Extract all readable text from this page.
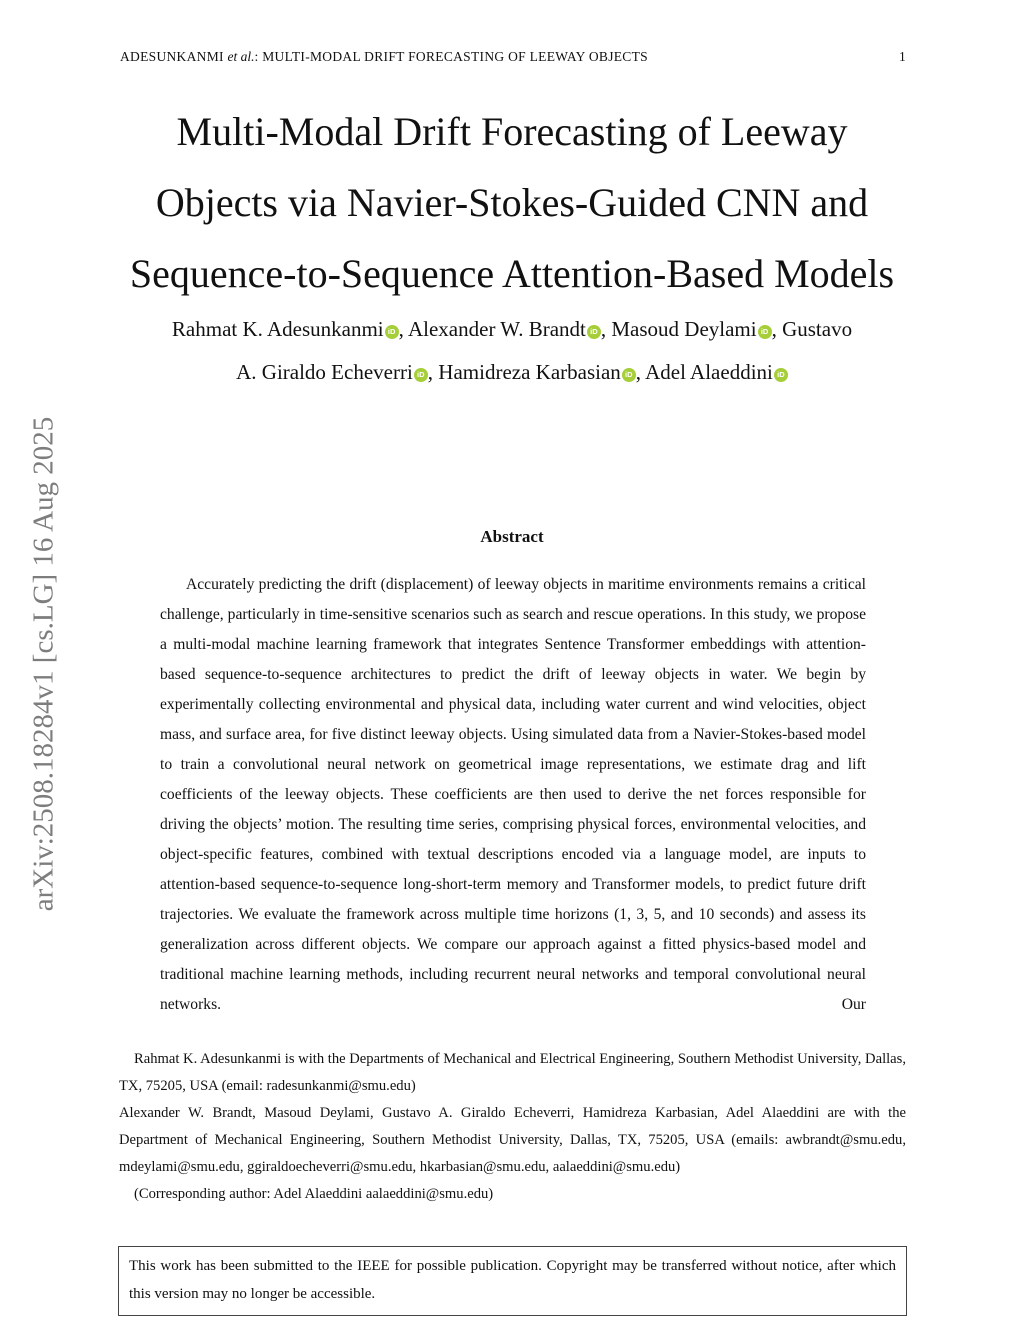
ADESUNKANMI et al.: MULTI-MODAL DRIFT FORECASTING OF LEEWAY OBJECTS	1
arXiv:2508.18284v1 [cs.LG] 16 Aug 2025
Multi-Modal Drift Forecasting of Leeway
Objects via Navier-Stokes-Guided CNN and
Sequence-to-Sequence Attention-Based Models
Rahmat K. Adesunkanmi iD , Alexander W. Brandt iD , Masoud Deylami iD , Gustavo
A. Giraldo Echeverri iD , Hamidreza Karbasian iD , Adel Alaeddini iD
Abstract

Accurately predicting the drift (displacement) of leeway objects in maritime environments remains a critical challenge, particularly in time-sensitive scenarios such as search and rescue operations. In this study, we propose a multi-modal machine learning framework that integrates Sentence Transformer embeddings with attention-based sequence-to-sequence architectures to predict the drift of leeway objects in water. We begin by experimentally collecting environmental and physical data, including water current and wind velocities, object mass, and surface area, for five distinct leeway objects. Using simulated data from a Navier-Stokes-based model to train a convolutional neural network on geometrical image representations, we estimate drag and lift coefficients of the leeway objects. These coefficients are then used to derive the net forces responsible for driving the objects’ motion. The resulting time series, comprising physical forces, environmental velocities, and object-specific features, combined with textual descriptions encoded via a language model, are inputs to attention-based sequence-to-sequence long-short-term memory and Transformer models, to predict future drift trajectories. We evaluate the framework across multiple time horizons (1, 3, 5, and 10 seconds) and assess its generalization across different objects. We compare our approach against a fitted physics-based model and traditional machine learning methods, including recurrent neural networks and temporal convolutional neural networks. Our

Rahmat K. Adesunkanmi is with the Departments of Mechanical and Electrical Engineering, Southern Methodist University, Dallas, TX, 75205, USA (email: radesunkanmi@smu.edu)

Alexander W. Brandt, Masoud Deylami, Gustavo A. Giraldo Echeverri, Hamidreza Karbasian, Adel Alaeddini are with the Department of Mechanical Engineering, Southern Methodist University, Dallas, TX, 75205, USA (emails: awbrandt@smu.edu, mdeylami@smu.edu, ggiraldoecheverri@smu.edu, hkarbasian@smu.edu, aalaeddini@smu.edu)

(Corresponding author: Adel Alaeddini aalaeddini@smu.edu)

This work has been submitted to the IEEE for possible publication. Copyright may be transferred without notice, after which this version may no longer be accessible.
